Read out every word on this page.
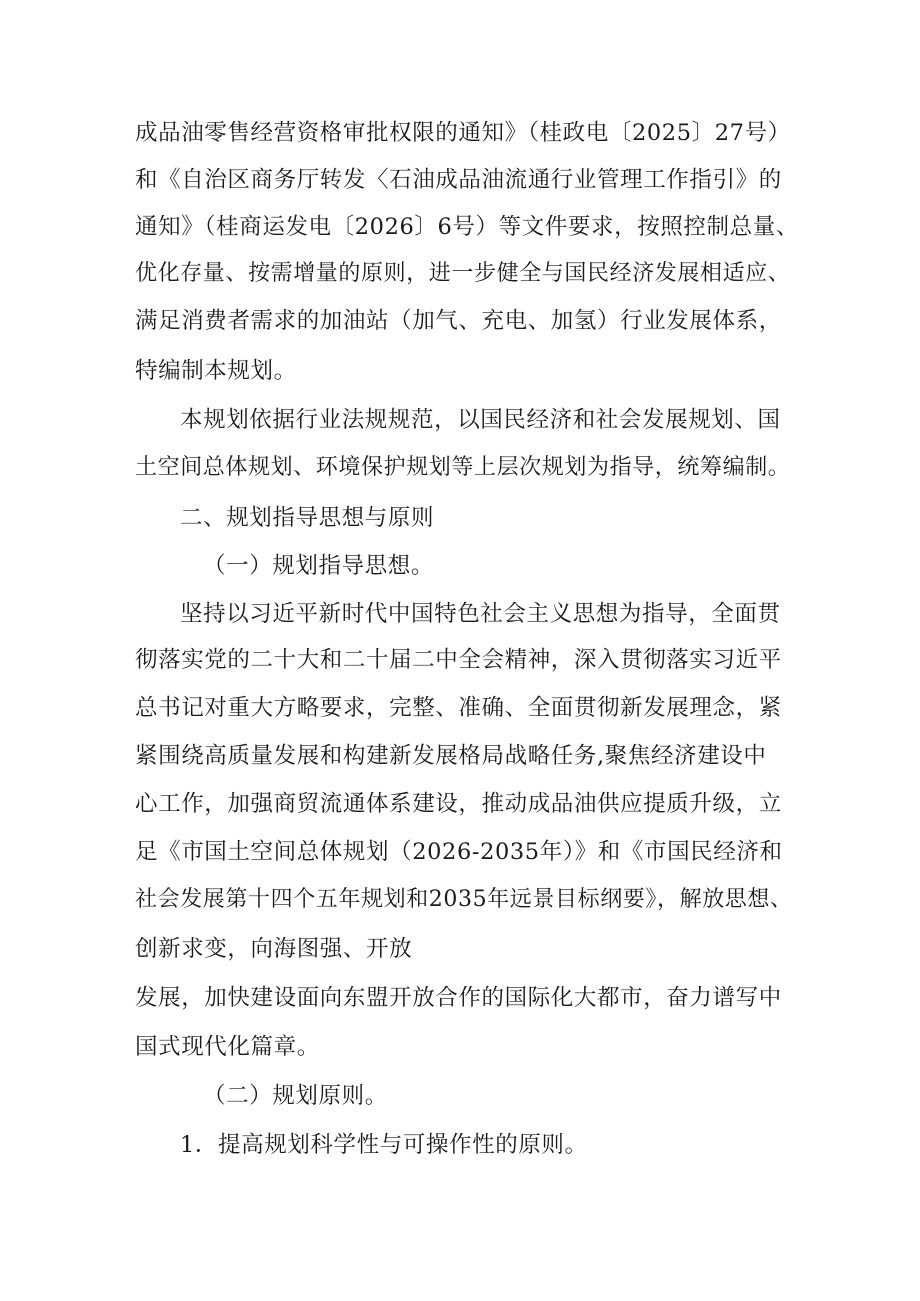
成品油零售经营资格审批权限的通知》（桂政电〔2025〕27号）
和《自治区商务厅转发〈石油成品油流通行业管理工作指引》的
通知》（桂商运发电〔2026〕6号）等文件要求，按照控制总量、
优化存量、按需增量的原则，进一步健全与国民经济发展相适应、
满足消费者需求的加油站（加气、充电、加氢）行业发展体系，
特编制本规划。
本规划依据行业法规规范，以国民经济和社会发展规划、国
土空间总体规划、环境保护规划等上层次规划为指导，统筹编制。
二、规划指导思想与原则
（一）规划指导思想。
坚持以习近平新时代中国特色社会主义思想为指导，全面贯
彻落实党的二十大和二十届二中全会精神，深入贯彻落实习近平
总书记对重大方略要求，完整、准确、全面贯彻新发展理念，紧
紧围绕高质量发展和构建新发展格局战略任务,聚焦经济建设中
心工作，加强商贸流通体系建设，推动成品油供应提质升级，立
足《市国土空间总体规划（2026-2035年）》和《市国民经济和
社会发展第十四个五年规划和2035年远景目标纲要》，解放思想、
创新求变，向海图强、开放
发展，加快建设面向东盟开放合作的国际化大都市，奋力谱写中
国式现代化篇章。
（二）规划原则。
1．提高规划科学性与可操作性的原则。
